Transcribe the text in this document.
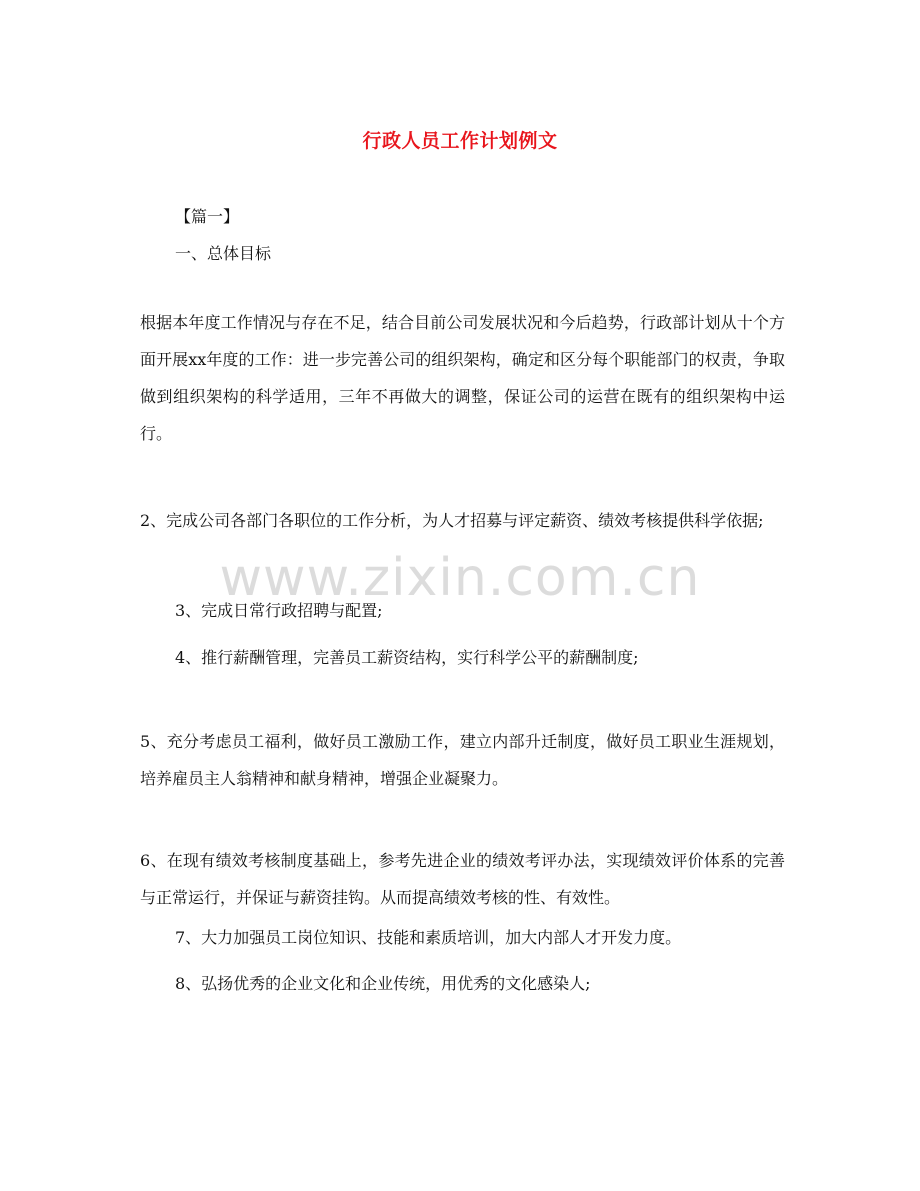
行政人员工作计划例文
【篇一】
一、总体目标
根据本年度工作情况与存在不足，结合目前公司发展状况和今后趋势，行政部计划从十个方面开展xx年度的工作：进一步完善公司的组织架构，确定和区分每个职能部门的权责，争取做到组织架构的科学适用，三年不再做大的调整，保证公司的运营在既有的组织架构中运行。
2、完成公司各部门各职位的工作分析，为人才招募与评定薪资、绩效考核提供科学依据;
3、完成日常行政招聘与配置;
4、推行薪酬管理，完善员工薪资结构，实行科学公平的薪酬制度;
5、充分考虑员工福利，做好员工激励工作，建立内部升迁制度，做好员工职业生涯规划，培养雇员主人翁精神和献身精神，增强企业凝聚力。
6、在现有绩效考核制度基础上，参考先进企业的绩效考评办法，实现绩效评价体系的完善与正常运行，并保证与薪资挂钩。从而提高绩效考核的性、有效性。
7、大力加强员工岗位知识、技能和素质培训，加大内部人才开发力度。
8、弘扬优秀的企业文化和企业传统，用优秀的文化感染人;
www.zixin.com.cn
